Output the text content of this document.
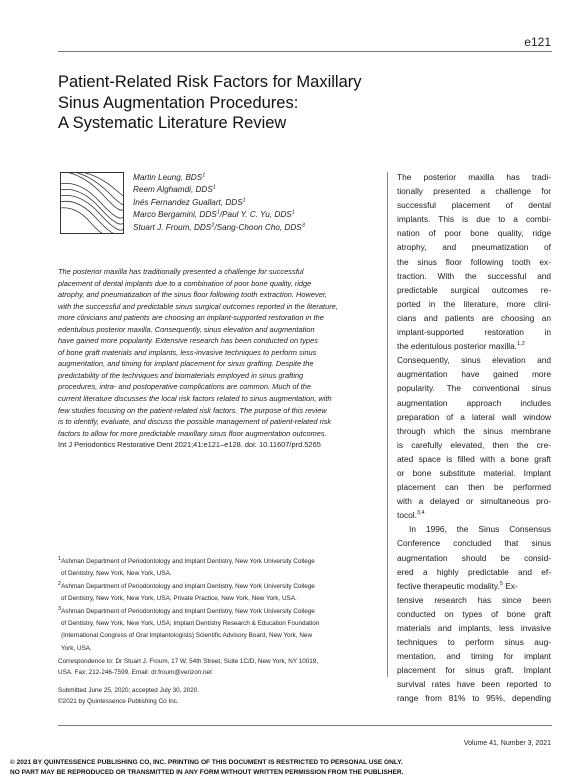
e121
Patient-Related Risk Factors for Maxillary
Sinus Augmentation Procedures:
A Systematic Literature Review
Martin Leung, BDS$^1$
Reem Alghamdi, DDS$^1$
Inés Fernandez Guallart, DDS$^1$
Marco Bergamini, DDS$^1$/Paul Y. C. Yu, DDS$^1$
Stuart J. Froum, DDS$^2$/Sang-Choon Cho, DDS$^3$
The posterior maxilla has traditionally presented a challenge for successful
placement of dental implants due to a combination of poor bone quality, ridge
atrophy, and pneumatization of the sinus floor following tooth extraction. However,
with the successful and predictable sinus surgical outcomes reported in the literature,
more clinicians and patients are choosing an implant-supported restoration in the
edentulous posterior maxilla. Consequently, sinus elevation and augmentation
have gained more popularity. Extensive research has been conducted on types
of bone graft materials and implants, less-invasive techniques to perform sinus
augmentation, and timing for implant placement for sinus grafting. Despite the
predictability of the techniques and biomaterials employed in sinus grafting
procedures, intra- and postoperative complications are common. Much of the
current literature discusses the local risk factors related to sinus augmentation, with
few studies focusing on the patient-related risk factors. The purpose of this review
is to identify, evaluate, and discuss the possible management of patient-related risk
factors to allow for more predictable maxillary sinus floor augmentation outcomes.
Int J Periodontics Restorative Dent 2021;41:e121–e128. doi: 10.11607/prd.5265
The posterior maxilla has tradi-
tionally presented a challenge for
successful placement of dental
implants. This is due to a combi-
nation of poor bone quality, ridge
atrophy, and pneumatization of
the sinus floor following tooth ex-
traction. With the successful and
predictable surgical outcomes re-
ported in the literature, more clini-
cians and patients are choosing an
implant-supported restoration in
the edentulous posterior maxilla.$^{1,2}$
Consequently, sinus elevation and
augmentation have gained more
popularity. The conventional sinus
augmentation approach includes
preparation of a lateral wall window
through which the sinus membrane
is carefully elevated, then the cre-
ated space is filled with a bone graft
or bone substitute material. Implant
placement can then be performed
with a delayed or simultaneous pro-
tocol.$^{3,4}$
In 1996, the Sinus Consensus
Conference concluded that sinus
augmentation should be consid-
ered a highly predictable and ef-
fective therapeutic modality.$^5$ Ex-
tensive research has since been
conducted on types of bone graft
materials and implants, less invasive
techniques to perform sinus aug-
mentation, and timing for implant
placement for sinus graft. Implant
survival rates have been reported to
range from 81% to 95%, depending
1Ashman Department of Periodontology and Implant Dentistry, New York University College
of Dentistry, New York, New York, USA.
2Ashman Department of Periodontology and Implant Dentistry, New York University College
of Dentistry, New York, New York, USA; Private Practice, New York, New York, USA.
3Ashman Department of Periodontology and Implant Dentistry, New York University College
of Dentistry, New York, New York, USA; Implant Dentistry Research & Education Foundation
(International Congress of Oral Implantologists) Scientific Advisory Board, New York, New
York, USA.
Correspondence to: Dr Stuart J. Froum, 17 W. 54th Street, Suite 1C/D, New York, NY 10019,
USA. Fax: 212-246-7599. Email: dr.froum@verizon.net
Submitted June 25, 2020; accepted July 30, 2020.
©2021 by Quintessence Publishing Co Inc.
Volume 41, Number 3, 2021
© 2021 BY QUINTESSENCE PUBLISHING CO, INC. PRINTING OF THIS DOCUMENT IS RESTRICTED TO PERSONAL USE ONLY.
NO PART MAY BE REPRODUCED OR TRANSMITTED IN ANY FORM WITHOUT WRITTEN PERMISSION FROM THE PUBLISHER.
